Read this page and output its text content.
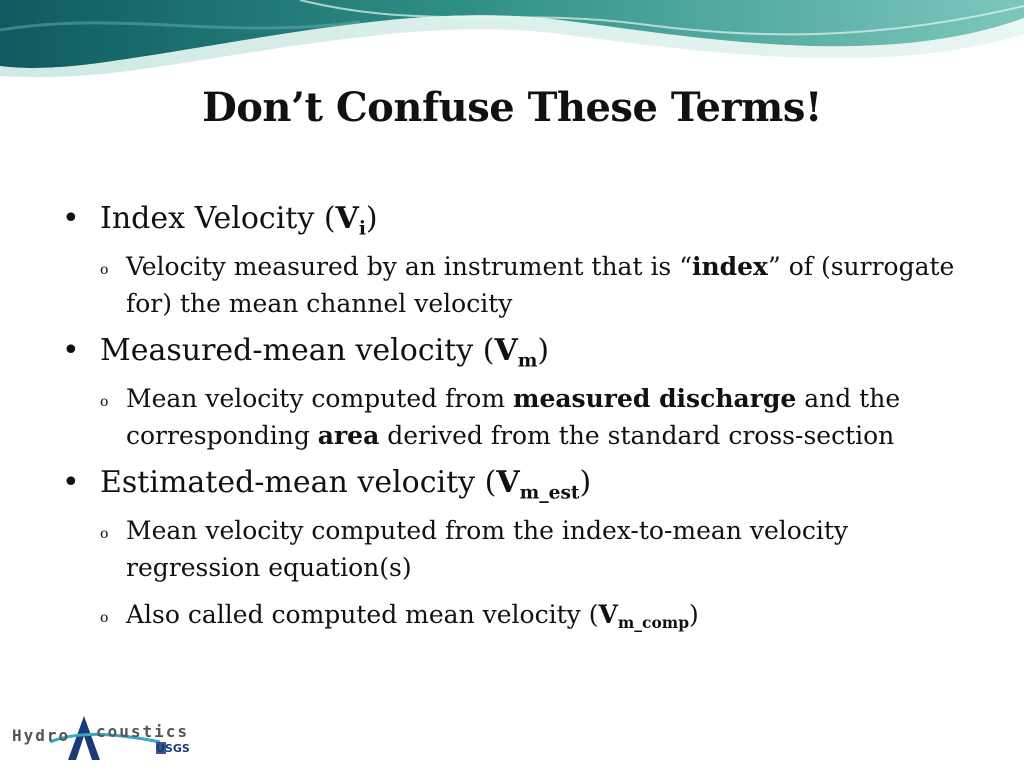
Don’t Confuse These Terms!
• Index Velocity $(V_i)$
o Velocity measured by an instrument that is “index” of (surrogate for) the mean channel velocity
• Measured-mean velocity $(V_m)$
o Mean velocity computed from measured discharge and the corresponding area derived from the standard cross-section
• Estimated-mean velocity $(V_{m\_est})$
o Mean velocity computed from the index-to-mean velocity regression equation(s)
o Also called computed mean velocity $(V_{m\_comp})$
Hydro coustics
USGS
